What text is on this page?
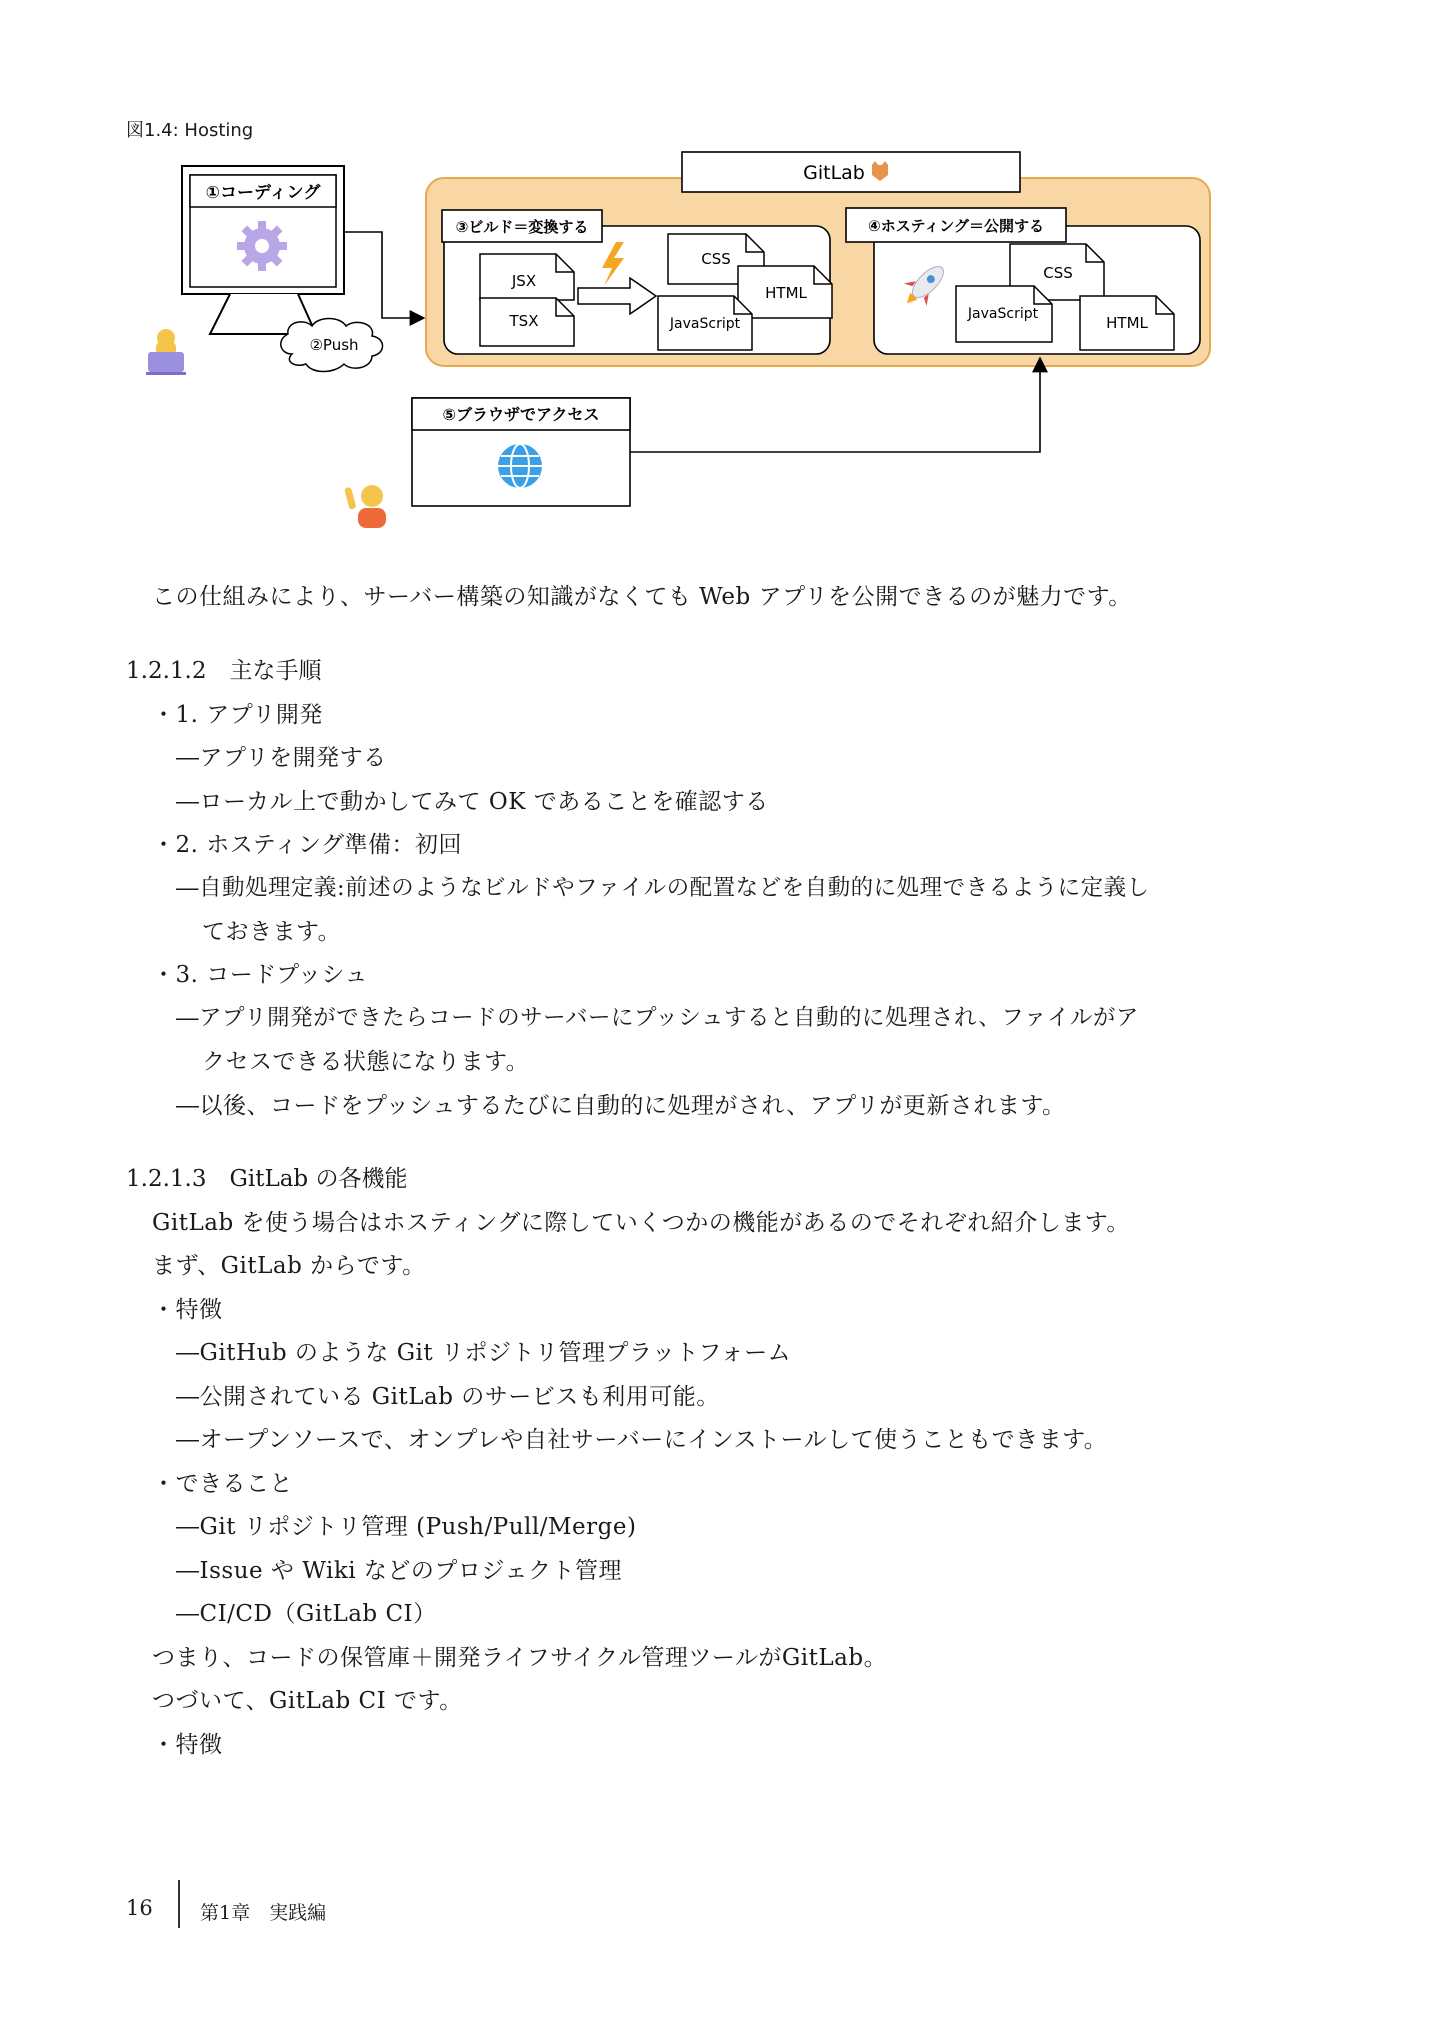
図1.4: Hosting
①コーディング
②Push
GitLab
③ビルド＝変換する
JSX
TSX
CSS
HTML
JavaScript
④ホスティング＝公開する
CSS
JavaScript	HTML
⑤ブラウザでアクセス
この仕組みにより、サーバー構築の知識がなくても Web アプリを公開できるのが魅力です。
1.2.1.2　主な手順
・1. アプリ開発
―アプリを開発する
―ローカル上で動かしてみて OK であることを確認する
・2. ホスティング準備：初回
―自動処理定義:前述のようなビルドやファイルの配置などを自動的に処理できるように定義し
ておきます。
・3. コードプッシュ
―アプリ開発ができたらコードのサーバーにプッシュすると自動的に処理され、ファイルがア
クセスできる状態になります。
―以後、コードをプッシュするたびに自動的に処理がされ、アプリが更新されます。
1.2.1.3　GitLab の各機能
GitLab を使う場合はホスティングに際していくつかの機能があるのでそれぞれ紹介します。
まず、GitLab からです。
・特徴
―GitHub のような Git リポジトリ管理プラットフォーム
―公開されている GitLab のサービスも利用可能。
―オープンソースで、オンプレや自社サーバーにインストールして使うこともできます。
・できること
―Git リポジトリ管理 (Push/Pull/Merge)
―Issue や Wiki などのプロジェクト管理
―CI/CD（GitLab CI）
つまり、コードの保管庫＋開発ライフサイクル管理ツールがGitLab。
つづいて、GitLab CI です。
・特徴
16 第1章　実践編
